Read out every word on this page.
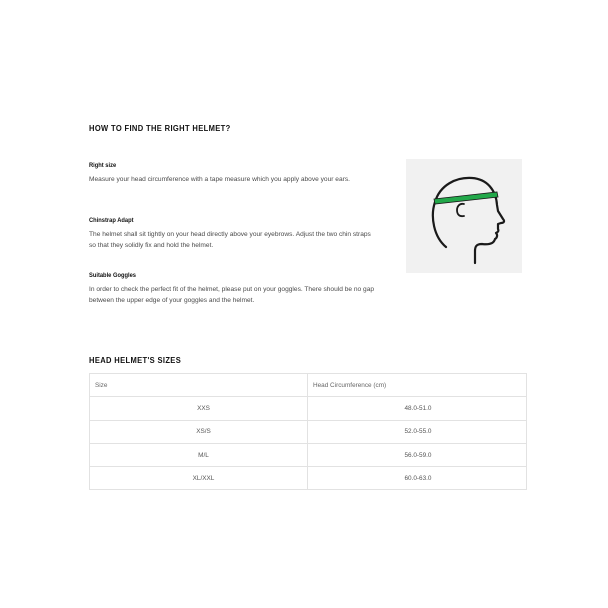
HOW TO FIND THE RIGHT HELMET?
Right size

Measure your head circumference with a tape measure which you apply above your ears.

Chinstrap Adapt

The helmet shall sit tightly on your head directly above your eyebrows. Adjust the two chin straps so that they solidly fix and hold the helmet.

Suitable Goggles

In order to check the perfect fit of the helmet, please put on your goggles. There should be no gap between the upper edge of your goggles and the helmet.

HEAD HELMET'S SIZES
Size	Head Circumference (cm)
XXS	48.0-51.0
XS/S	52.0-55.0
M/L	56.0-59.0
XL/XXL	60.0-63.0
